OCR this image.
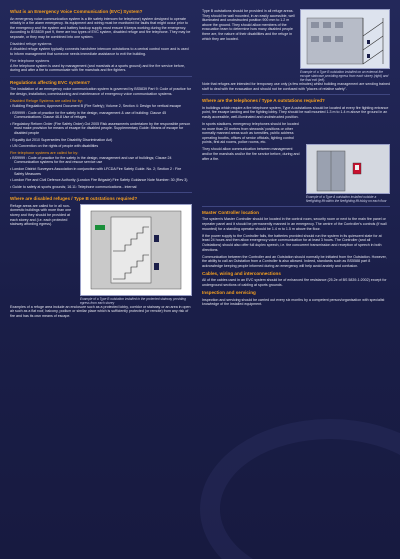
What is an Emergency Voice Communication (EVC) System?

An emergency voice communication system is a life safety intercom for telephone) system designed to operate reliably in a fire alarm emergency. Its equipment and wiring must be monitored for faults that might occur prior to the emergency and the system and battery backup supply must ensure it keeps working during the emergency. According to BS5839 part 9, there are two types of EVC system, disabled refuge and fire telephone. They may be separate, or they may be combined into one system.

Disabled refuge systems

A disabled refuge system typically connects handsfree intercom outstations to a central control room and is used to inform management that someone needs immediate assistance to exit the building.

Fire telephone systems

A fire telephone system is used by management (and marshals at a sports ground) and the fire service before, during and after a fire to communicate with fire marshals and fire fighters.

Regulations affecting EVC systems?

The installation of an emergency voice communication system is governed by BS5839 Part 9: Code of practice for the design, installation, commissioning and maintenance of emergency voice communication systems.

Disabled Refuge Systems are called for by:
• Building Regulations; Approved Document B (Fire Safety); Volume 2, Section 4: Design for vertical escape
• BS9999 : Code of practice for fire safety in the design, management & use of building: Clause 45 Communications: Clause 46.8 Use of refuges
• Regulatory Reform Order (Fire Safety Order) Oct 2005 Risk assessments undertaken by the responsible person must make provision for means of escape for disabled people. Supplementary Guide: Means of escape for disabled people
• Equality Act 2010 Supersedes the Disability Discrimination Act)
• UN Convention on the rights of people with disabilities
Fire telephone systems are called for by:
• BS9999 : Code of practice for fire safety in the design, management and use of buildings; Clause 24 Communication systems for fire and rescue service use
• London District Surveyors Association in conjunction with LFCDA Fire Safety Guide. No. 2; Section 2 : Fire Safety Measures
• London Fire and Civil Defence Authority (London Fire Brigade) Fire Safety Guidance Note Number: 30 (Rev 3)
• Guide to safety at sports grounds; 16.11: Telephone communications - internal
Where are disabled refuges / Type B outstations required?

Refuge areas are called for in all non-domestic buildings with more than one storey and they should be provided at each storey and (i.e. each protected stairway affording egress).

Example of a Type B outstation installed in the protected stairway providing egress from each storey

Examples of a refuge area include an enclosure such as a protected lobby, corridor or stairway or an area in open air such as a flat roof, balcony, podium or similar place which is sufficiently protected (or remote) from any risk of fire and has its own means of escape.

Type B outstations should be provided in all refuge areas. They should be wall mounted, in an easily accessible, well illuminated and unobstructed position 900 mm to 1.2 m above the ground. They should allow members of the evacuation team to determine how many disabled people there are, the nature of their disabilities and the refuge in which they are located.

Example of a Type B outstation installed on an external fire escape staircase providing egress from each storey (right) and the final exit (left).

Note that refuges are intended for temporary use only (a few minutes) whilst building management are sending trained staff to deal with the evacuation and should not be confused with "places of relative safety".

Where are the telephones / Type A outstations required?

In buildings which require a fire telephone system, Type A outstations should be located at every fire fighting entrance point, fire escape landing and fire fighting lobby. They should be wall mounted 1.3 m to 1.4 m above the ground in an easily accessible, well-illuminated and unobstructed position.

In sports stadiums, emergency telephones should be located no more than 20 metres from stewards' positions or other normally manned areas such as turnstiles, public address operating booths, offices of senior officials, lighting control points, first aid rooms, police rooms, etc.

They should allow communication between management and/or fire marshals and/or the fire service before, during and after a fire.

Example of a Type A outstation installed outside a firefighting lift within the firefighting lift lobby on each floor
Master Controller location

The system's Master Controller should be located in the control room, security room or next to the main fire panel or repeater panel and it should be permanently manned in an emergency. The centre of the Controller's controls (if wall mounted) for a standing operator should be 1.4 m to 1.5 m above the floor.

If the power supply to the Controller fails, the batteries provided should run the system in its quiescent state for at least 24 hours and then allow emergency voice communication for at least 3 hours. The Controller (and all Outstations) should also offer full duplex speech, i.e. the concurrent transmission and reception of speech in both directions.

Communication between the Controller and an Outstation should normally be initiated from the Outstation. However, the ability to call an Outstation from a Controller is also allowed. Indeed, standards such as BS5588 part 8 acknowledge keeping people informed during an emergency will help avoid anxiety and confusion.

Cables, wiring and interconnections

All of the cables used in an EVC system should be of enhanced fire resistance (25.2e of BS 5839-1:2002) except for underground sections of cabling at sports grounds.

Inspection and servicing

Inspection and servicing should be carried out every six months by a competent person/organisation with specialist knowledge of the installed equipment.
